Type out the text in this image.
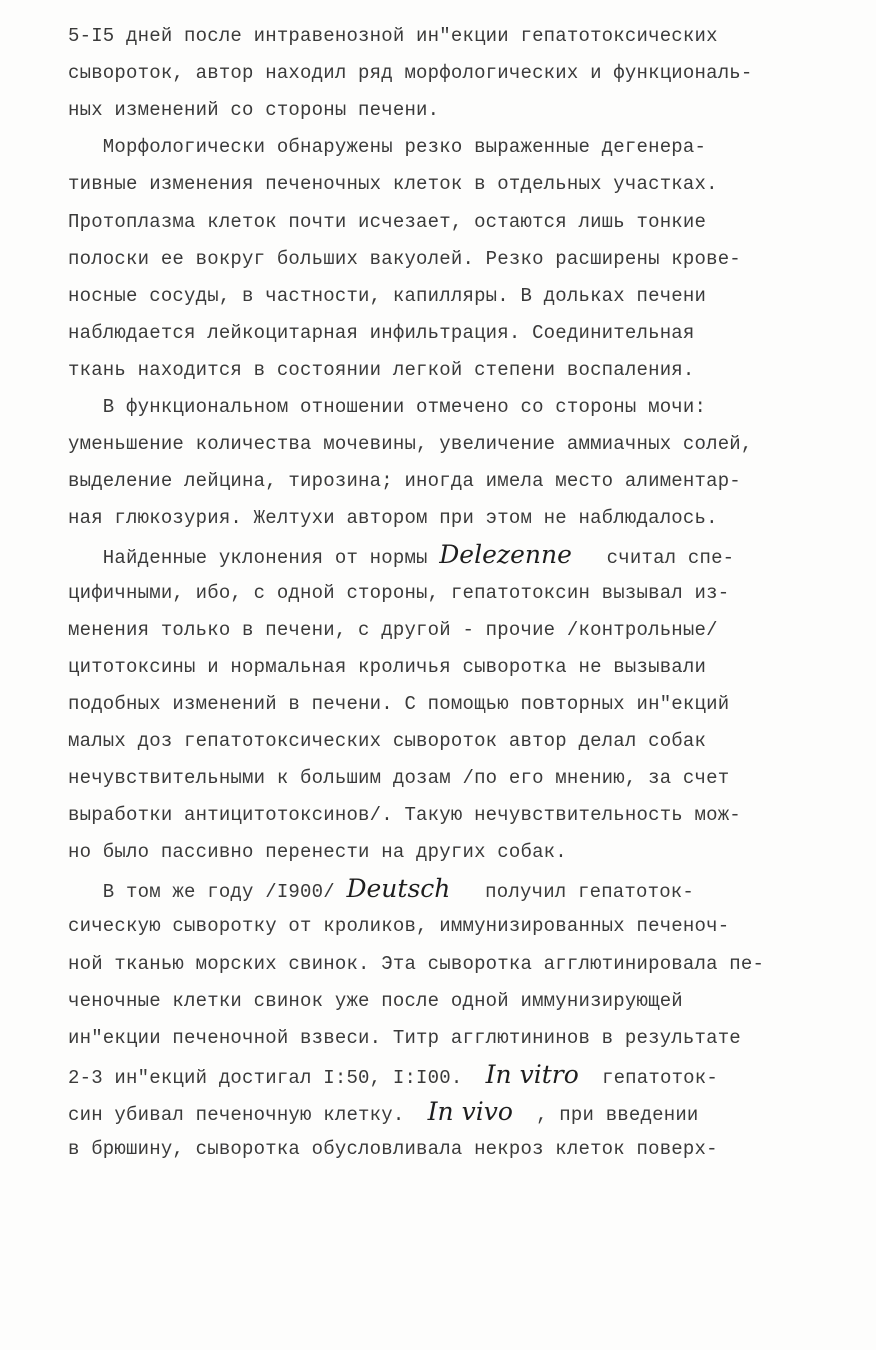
5-I5 дней после интравенозной ин"екции гепатотоксических
сывороток, автор находил ряд морфологических и функциональ-
ных изменений со стороны печени.
Морфологически обнаружены резко выраженные дегенера-
тивные изменения печеночных клеток в отдельных участках.
Протоплазма клеток почти исчезает, остаются лишь тонкие
полоски ее вокруг больших вакуолей. Резко расширены крове-
носные сосуды, в частности, капилляры. В дольках печени
наблюдается лейкоцитарная инфильтрация. Соединительная
ткань находится в состоянии легкой степени воспаления.
В функциональном отношении отмечено со стороны мочи:
уменьшение количества мочевины, увеличение аммиачных солей,
выделение лейцина, тирозина; иногда имела место алиментар-
ная глюкозурия. Желтухи автором при этом не наблюдалось.
Найденные уклонения от нормы Delezenne   считал спе-
цифичными, ибо, с одной стороны, гепатотоксин вызывал из-
менения только в печени, с другой - прочие /контрольные/
цитотоксины и нормальная кроличья сыворотка не вызывали
подобных изменений в печени. С помощью повторных ин"екций
малых доз гепатотоксических сывороток автор делал собак
нечувствительными к большим дозам /по его мнению, за счет
выработки антицитотоксинов/. Такую нечувствительность мож-
но было пассивно перенести на других собак.
В том же году /I900/ Deutsch   получил гепатоток-
сическую сыворотку от кроликов, иммунизированных печеноч-
ной тканью морских свинок. Эта сыворотка агглютинировала пе-
ченочные клетки свинок уже после одной иммунизирующей
ин"екции печеночной взвеси. Титр агглютининов в результате
2-3 ин"екций достигал I:50, I:I00.  In vitro  гепатоток-
син убивал печеночную клетку.  In vivo  , при введении
в брюшину, сыворотка обусловливала некроз клеток поверх-
